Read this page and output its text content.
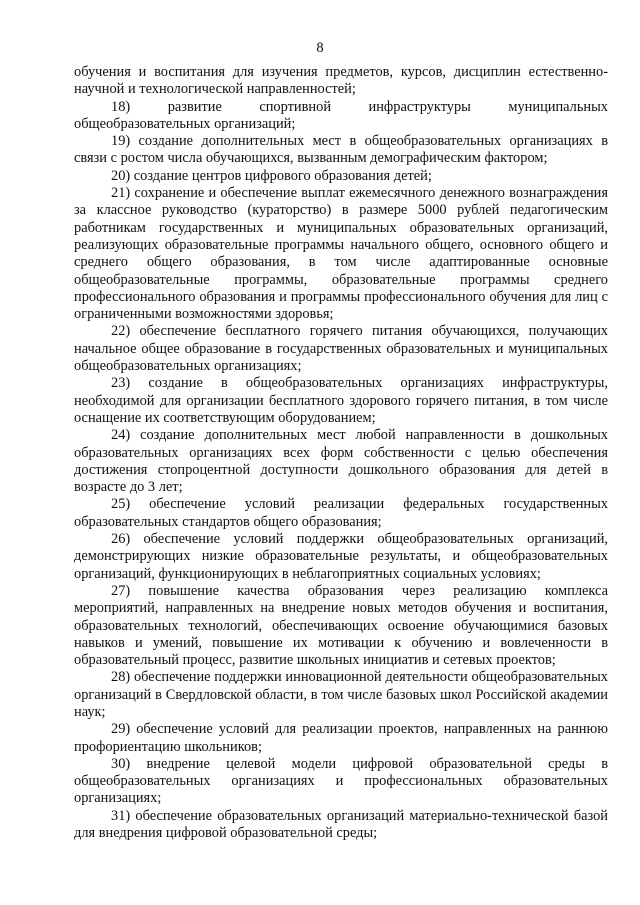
8

обучения и воспитания для изучения предметов, курсов, дисциплин естественно-научной и технологической направленностей;

18) развитие спортивной инфраструктуры муниципальных общеобразовательных организаций;

19) создание дополнительных мест в общеобразовательных организациях в связи с ростом числа обучающихся, вызванным демографическим фактором;

20) создание центров цифрового образования детей;

21) сохранение и обеспечение выплат ежемесячного денежного вознаграждения за классное руководство (кураторство) в размере 5000 рублей педагогическим работникам государственных и муниципальных образовательных организаций, реализующих образовательные программы начального общего, основного общего и среднего общего образования, в том числе адаптированные основные общеобразовательные программы, образовательные программы среднего профессионального образования и программы профессионального обучения для лиц с ограниченными возможностями здоровья;

22) обеспечение бесплатного горячего питания обучающихся, получающих начальное общее образование в государственных образовательных и муниципальных общеобразовательных организациях;

23) создание в общеобразовательных организациях инфраструктуры, необходимой для организации бесплатного здорового горячего питания, в том числе оснащение их соответствующим оборудованием;

24) создание дополнительных мест любой направленности в дошкольных образовательных организациях всех форм собственности с целью обеспечения достижения стопроцентной доступности дошкольного образования для детей в возрасте до 3 лет;

25) обеспечение условий реализации федеральных государственных образовательных стандартов общего образования;

26) обеспечение условий поддержки общеобразовательных организаций, демонстрирующих низкие образовательные результаты, и общеобразовательных организаций, функционирующих в неблагоприятных социальных условиях;

27) повышение качества образования через реализацию комплекса мероприятий, направленных на внедрение новых методов обучения и воспитания, образовательных технологий, обеспечивающих освоение обучающимися базовых навыков и умений, повышение их мотивации к обучению и вовлеченности в образовательный процесс, развитие школьных инициатив и сетевых проектов;

28) обеспечение поддержки инновационной деятельности общеобразовательных организаций в Свердловской области, в том числе базовых школ Российской академии наук;

29) обеспечение условий для реализации проектов, направленных на раннюю профориентацию школьников;

30) внедрение целевой модели цифровой образовательной среды в общеобразовательных организациях и профессиональных образовательных организациях;

31) обеспечение образовательных организаций материально-технической базой для внедрения цифровой образовательной среды;
